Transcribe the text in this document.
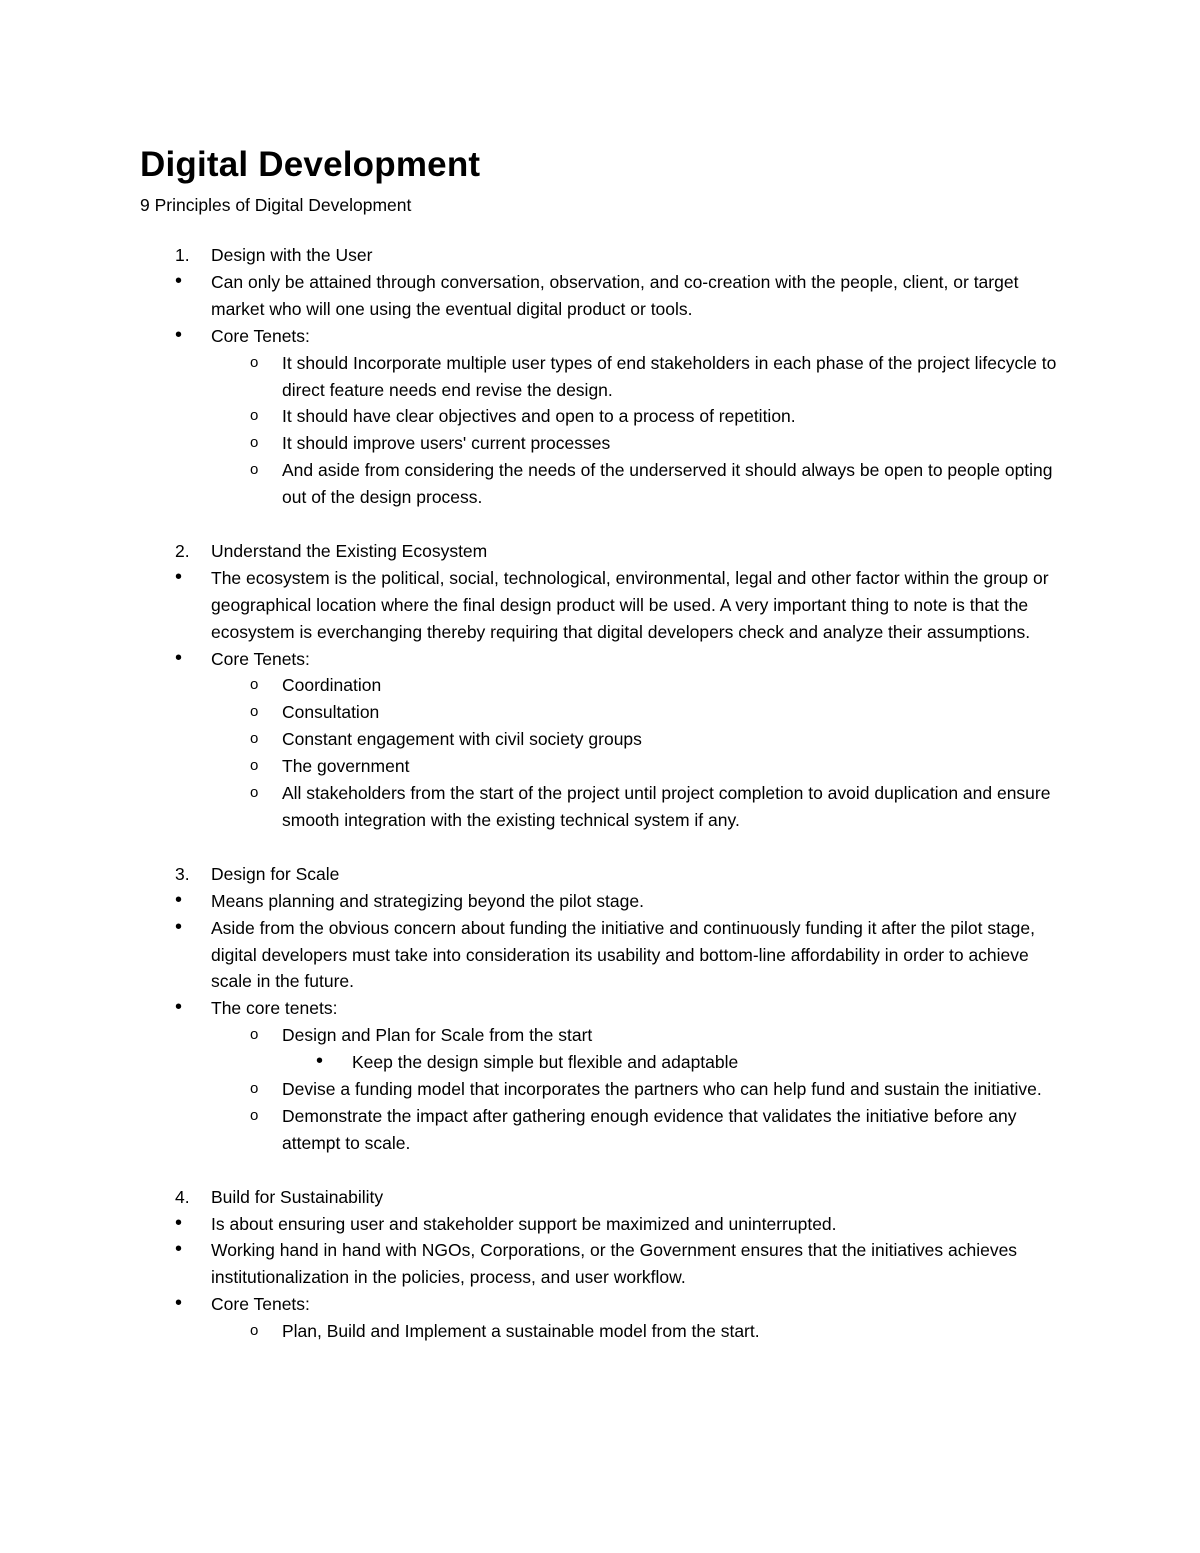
Digital Development

9 Principles of Digital Development

1. Design with the User
• Can only be attained through conversation, observation, and co-creation with the people, client, or target market who will one using the eventual digital product or tools.
• Core Tenets:
o It should Incorporate multiple user types of end stakeholders in each phase of the project lifecycle to direct feature needs end revise the design.
o It should have clear objectives and open to a process of repetition.
o It should improve users' current processes
o And aside from considering the needs of the underserved it should always be open to people opting out of the design process.
2. Understand the Existing Ecosystem
• The ecosystem is the political, social, technological, environmental, legal and other factor within the group or geographical location where the final design product will be used. A very important thing to note is that the ecosystem is everchanging thereby requiring that digital developers check and analyze their assumptions.
• Core Tenets:
o Coordination
o Consultation
o Constant engagement with civil society groups
o The government
o All stakeholders from the start of the project until project completion to avoid duplication and ensure smooth integration with the existing technical system if any.
3. Design for Scale
• Means planning and strategizing beyond the pilot stage.
• Aside from the obvious concern about funding the initiative and continuously funding it after the pilot stage, digital developers must take into consideration its usability and bottom-line affordability in order to achieve scale in the future.
• The core tenets:
o Design and Plan for Scale from the start
• Keep the design simple but flexible and adaptable
o Devise a funding model that incorporates the partners who can help fund and sustain the initiative.
o Demonstrate the impact after gathering enough evidence that validates the initiative before any attempt to scale.
4. Build for Sustainability
• Is about ensuring user and stakeholder support be maximized and uninterrupted.
• Working hand in hand with NGOs, Corporations, or the Government ensures that the initiatives achieves institutionalization in the policies, process, and user workflow.
• Core Tenets:
o Plan, Build and Implement a sustainable model from the start.
